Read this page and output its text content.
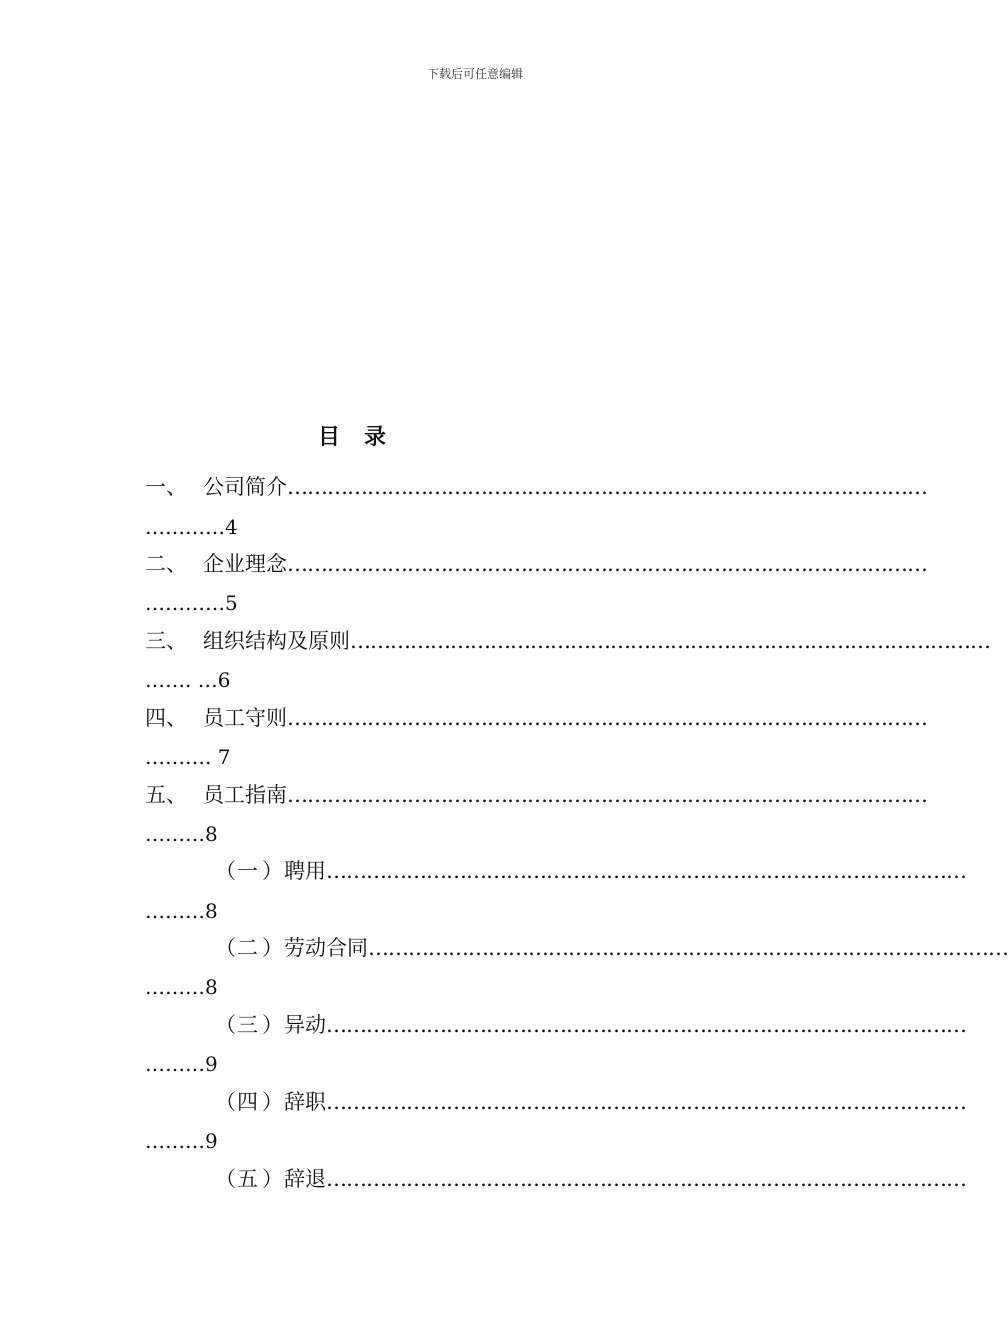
下载后可任意编辑
目录
一、 公司简介……………………………………………………………………………………
…………4
二、 企业理念……………………………………………………………………………………
…………5
三、 组织结构及原则……………………………………………………………………………………
……. …6
四、 员工守则……………………………………………………………………………………
………. 7
五、 员工指南……………………………………………………………………………………
………8
（一 ）聘用……………………………………………………………………………………
………8
（二 ）劳动合同……………………………………………………………………………………
………8
（三 ）异动……………………………………………………………………………………
………9
（四 ）辞职……………………………………………………………………………………
………9
（五 ）辞退……………………………………………………………………………………
